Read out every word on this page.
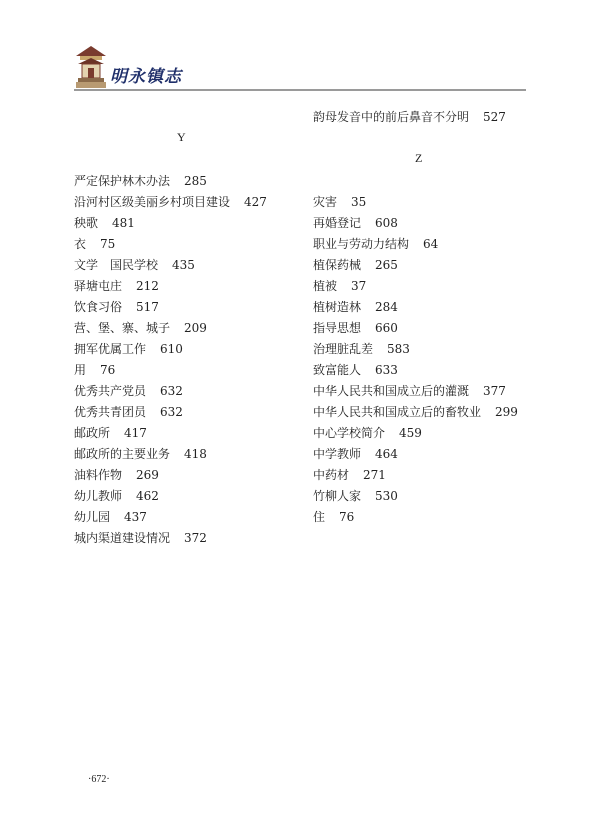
明永镇志
Y
严定保护林木办法 285
沿河村区级美丽乡村项目建设 427
秧歌 481
衣 75
文学　国民学校 435
驿塘屯庄 212
饮食习俗 517
营、堡、寨、城子 209
拥军优属工作 610
用 76
优秀共产党员 632
优秀共青团员 632
邮政所 417
邮政所的主要业务 418
油料作物 269
幼儿教师 462
幼儿园 437
城内渠道建设情况 372
韵母发音中的前后鼻音不分明 527
Z
灾害 35
再婚登记 608
职业与劳动力结构 64
植保药械 265
植被 37
植树造林 284
指导思想 660
治理脏乱差 583
致富能人 633
中华人民共和国成立后的灌溉 377
中华人民共和国成立后的畜牧业 299
中心学校简介 459
中学教师 464
中药材 271
竹柳人家 530
住 76
·672·
